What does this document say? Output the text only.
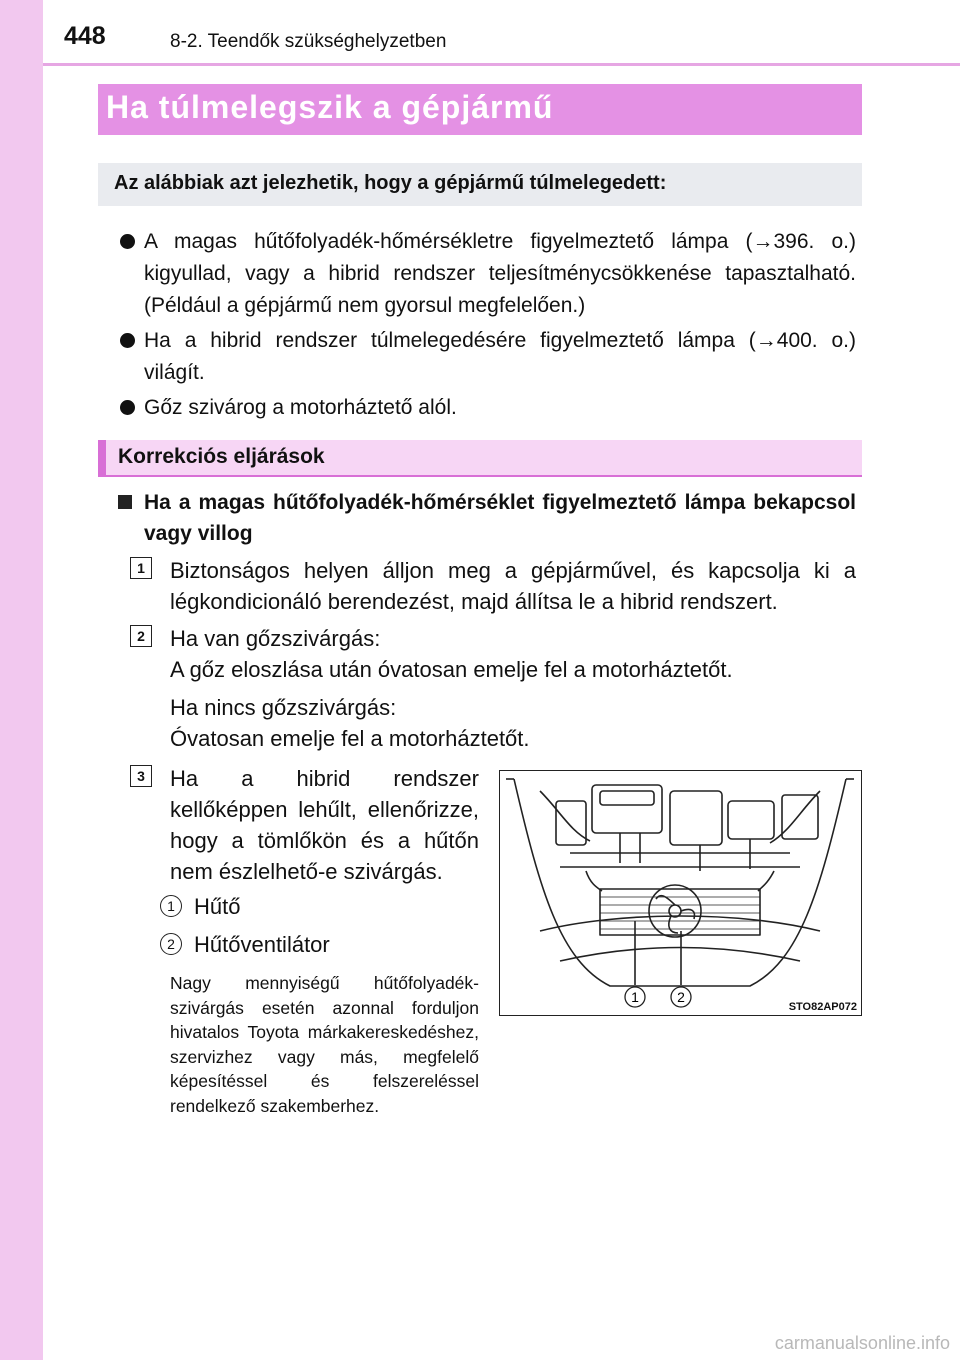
448	8-2. Teendők szükséghelyzetben
Ha túlmelegszik a gépjármű
Az alábbiak azt jelezhetik, hogy a gépjármű túlmelegedett:
A magas hűtőfolyadék-hőmérsékletre figyelmeztető lámpa (→396. o.) kigyullad, vagy a hibrid rendszer teljesítménycsökkenése tapasztalható. (Például a gépjármű nem gyorsul megfelelően.)
Ha a hibrid rendszer túlmelegedésére figyelmeztető lámpa (→400. o.) világít.
Gőz szivárog a motorháztető alól.
Korrekciós eljárások
Ha a magas hűtőfolyadék-hőmérséklet figyelmeztető lámpa bekapcsol vagy villog
1	Biztonságos helyen álljon meg a gépjárművel, és kapcsolja ki a légkondicionáló berendezést, majd állítsa le a hibrid rendszert.
2	Ha van gőzszivárgás:
A gőz eloszlása után óvatosan emelje fel a motorháztetőt.
Ha nincs gőzszivárgás:
Óvatosan emelje fel a motorháztetőt.
3	Ha a hibrid rendszer kellőképpen lehűlt, ellenőrizze, hogy a tömlőkön és a hűtőn nem észlelhető-e szivárgás.
1 Hűtő
2 Hűtőventilátor
Nagy mennyiségű hűtőfolyadék-szivárgás esetén azonnal forduljon hivatalos Toyota márkakereskedéshez, szervizhez vagy más, megfelelő képesítéssel és felszereléssel rendelkező szakemberhez.
1	2
STO82AP072
carmanualsonline.info
